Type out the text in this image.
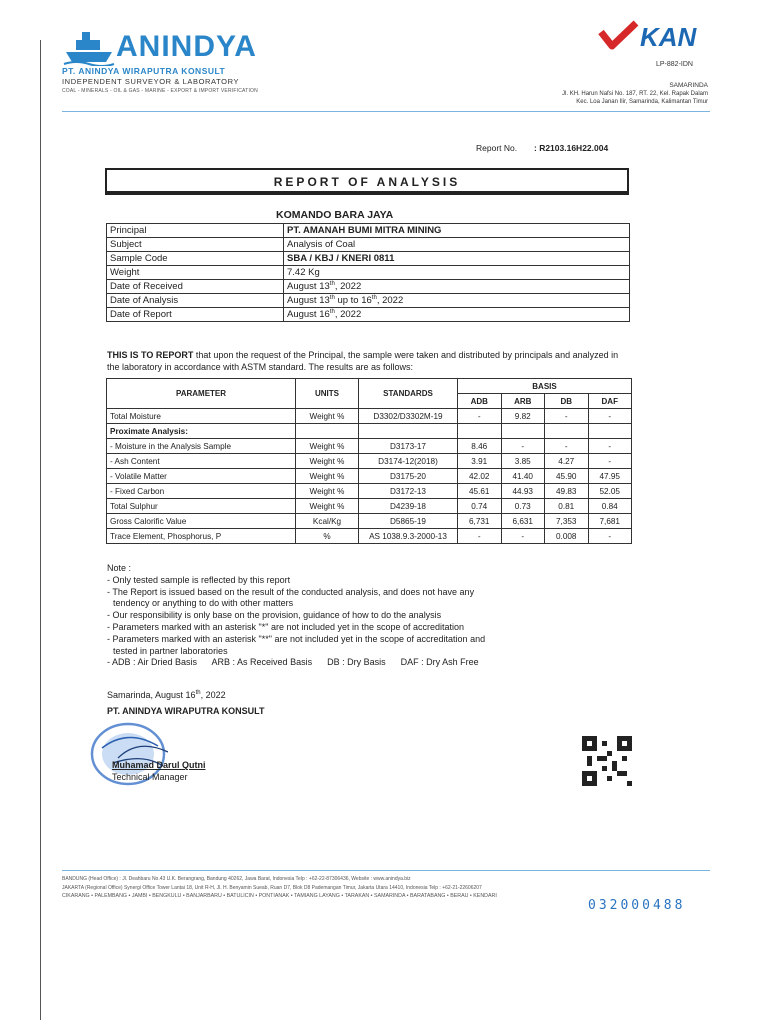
ANINDYA
PT. ANINDYA WIRAPUTRA KONSULT
INDEPENDENT SURVEYOR & LABORATORY
COAL - MINERALS - OIL & GAS - MARINE - EXPORT & IMPORT VERIFICATION
KAN
LP-882-IDN
SAMARINDA
Jl. KH. Harun Nafsi No. 187, RT. 22, Kel. Rapak Dalam
Kec. Loa Janan Ilir, Samarinda, Kalimantan Timur
Report No. : R2103.16H22.004
REPORT OF ANALYSIS
KOMANDO BARA JAYA
Principal	PT. AMANAH BUMI MITRA MINING
Subject	Analysis of Coal
Sample Code	SBA / KBJ / KNERI 0811
Weight	7.42 Kg
Date of Received	August 13th, 2022
Date of Analysis	August 13th up to 16th, 2022
Date of Report	August 16th, 2022
THIS IS TO REPORT that upon the request of the Principal, the sample were taken and distributed by principals and analyzed in the laboratory in accordance with ASTM standard. The results are as follows:
PARAMETER	UNITS	STANDARDS	BASIS			
			ADB	ARB	DB	DAF
Total Moisture	Weight %	D3302/D3302M-19	-	9.82	-	-
Proximate Analysis:						
- Moisture in the Analysis Sample	Weight %	D3173-17	8.46	-	-	-
- Ash Content	Weight %	D3174-12(2018)	3.91	3.85	4.27	-
- Volatile Matter	Weight %	D3175-20	42.02	41.40	45.90	47.95
- Fixed Carbon	Weight %	D3172-13	45.61	44.93	49.83	52.05
Total Sulphur	Weight %	D4239-18	0.74	0.73	0.81	0.84
Gross Calorific Value	Kcal/Kg	D5865-19	6,731	6,631	7,353	7,681
Trace Element, Phosphorus, P	%	AS 1038.9.3-2000-13	-	-	0.008	-
Note :
- Only tested sample is reflected by this report
- The Report is issued based on the result of the conducted analysis, and does not have any
tendency or anything to do with other matters
- Our responsibility is only base on the provision, guidance of how to do the analysis
- Parameters marked with an asterisk "*" are not included yet in the scope of accreditation
- Parameters marked with an asterisk "**" are not included yet in the scope of accreditation and
tested in partner laboratories
- ADB : Air Dried Basis      ARB : As Received Basis      DB : Dry Basis      DAF : Dry Ash Free
Samarinda, August 16th, 2022
PT. ANINDYA WIRAPUTRA KONSULT
Muhamad Darul Qutni
Technical Manager
BANDUNG (Head Office) : Jl. Deahbaru No.43 U.K. Berangrang, Bandung 40262, Jawa Barat, Indonesia Telp : +62-22-87306436, Website : www.anindya.biz
JAKARTA (Regional Office) Synergi Office Tower Lantai 18, Unit R-H, Jl. H. Benyamin Sueab, Ruan D7, Blok D8 Pademangan Timur, Jakarta Utara 14410, Indonesia Telp : +62-21-22606207
CIKARANG • PALEMBANG • JAMBI • BENGKULU • BANJARBARU • BATULICIN • PONTIANAK • TAMIANG LAYANG • TARAKAN • SAMARINDA • BARATABANG • BERAU • KENDARI
032000488
